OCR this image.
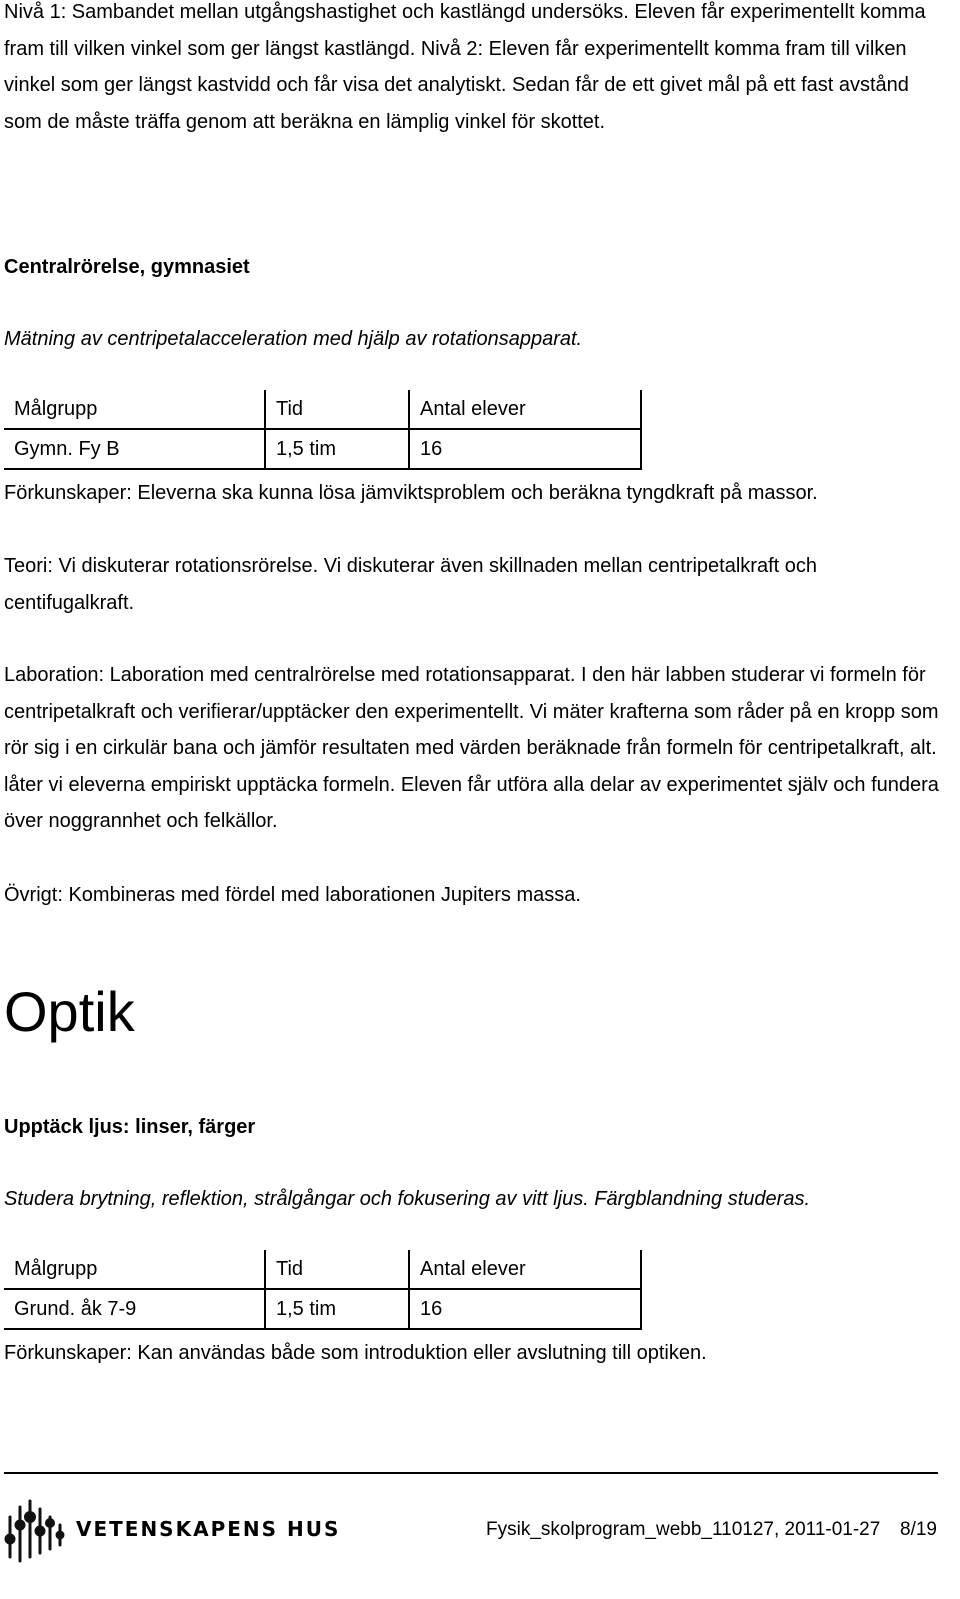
Nivå 1: Sambandet mellan utgångshastighet och kastlängd undersöks. Eleven får experimentellt komma fram till vilken vinkel som ger längst kastlängd. Nivå 2: Eleven får experimentellt komma fram till vilken vinkel som ger längst kastvidd och får visa det analytiskt. Sedan får de ett givet mål på ett fast avstånd som de måste träffa genom att beräkna en lämplig vinkel för skottet.

Centralrörelse, gymnasiet
Mätning av centripetalacceleration med hjälp av rotationsapparat.
Målgrupp	Tid	Antal elever
Gymn. Fy B	1,5 tim	16

Förkunskaper: Eleverna ska kunna lösa jämviktsproblem och beräkna tyngdkraft på massor.

Teori: Vi diskuterar rotationsrörelse. Vi diskuterar även skillnaden mellan centripetalkraft och centifugalkraft.

Laboration: Laboration med centralrörelse med rotationsapparat. I den här labben studerar vi formeln för centripetalkraft och verifierar/upptäcker den experimentellt. Vi mäter krafterna som råder på en kropp som rör sig i en cirkulär bana och jämför resultaten med värden beräknade från formeln för centripetalkraft, alt. låter vi eleverna empiriskt upptäcka formeln. Eleven får utföra alla delar av experimentet själv och fundera över noggrannhet och felkällor.

Övrigt: Kombineras med fördel med laborationen Jupiters massa.

Optik
Upptäck ljus: linser, färger
Studera brytning, reflektion, strålgångar och fokusering av vitt ljus. Färgblandning studeras.
Målgrupp	Tid	Antal elever
Grund. åk 7-9	1,5 tim	16

Förkunskaper: Kan användas både som introduktion eller avslutning till optiken.

VETENSKAPENS HUS	Fysik_skolprogram_webb_110127, 2011-01-27 8/19
